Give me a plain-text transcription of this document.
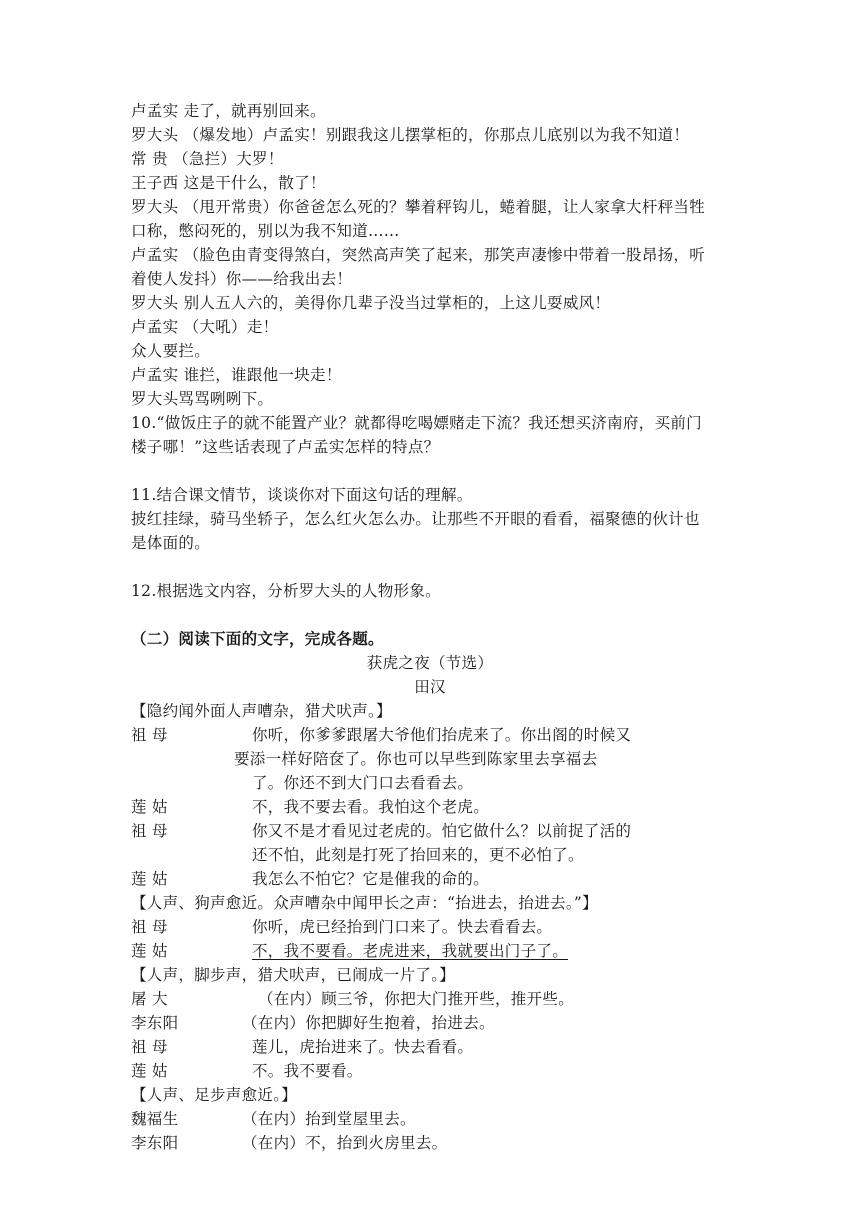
卢孟实 走了，就再别回来。
罗大头 （爆发地）卢孟实！别跟我这儿摆掌柜的，你那点儿底别以为我不知道！
常 贵 （急拦）大罗！
王子西 这是干什么，散了！
罗大头 （甩开常贵）你爸爸怎么死的？攀着秤钩儿，蜷着腿，让人家拿大杆秤当牲
口称，憋闷死的，别以为我不知道……
卢孟实 （脸色由青变得煞白，突然高声笑了起来，那笑声凄惨中带着一股昂扬，听
着使人发抖）你——给我出去！
罗大头 别人五人六的，美得你几辈子没当过掌柜的，上这儿耍威风！
卢孟实 （大吼）走！
众人要拦。
卢孟实 谁拦，谁跟他一块走！
罗大头骂骂咧咧下。
10.“做饭庄子的就不能置产业？就都得吃喝嫖赌走下流？我还想买济南府，买前门
楼子哪！”这些话表现了卢孟实怎样的特点？
11.结合课文情节，谈谈你对下面这句话的理解。
披红挂绿，骑马坐轿子，怎么红火怎么办。让那些不开眼的看看，福聚德的伙计也
是体面的。
12.根据选文内容，分析罗大头的人物形象。
（二）阅读下面的文字，完成各题。
获虎之夜（节选）
田汉
【隐约闻外面人声嘈杂，猎犬吠声。】
祖 母	你听，你爹爹跟屠大爷他们抬虎来了。你出阁的时候又
要添一样好陪奁了。你也可以早些到陈家里去享福去
了。你还不到大门口去看看去。
莲 姑	不，我不要去看。我怕这个老虎。
祖 母	你又不是才看见过老虎的。怕它做什么？以前捉了活的
还不怕，此刻是打死了抬回来的，更不必怕了。
莲 姑	我怎么不怕它？它是催我的命的。
【人声、狗声愈近。众声嘈杂中闻甲长之声：“抬进去，抬进去。”】
祖 母	你听，虎已经抬到门口来了。快去看看去。
莲 姑	不，我不要看。老虎进来，我就要出门子了。
【人声，脚步声，猎犬吠声，已闹成一片了。】
屠 大	（在内）顾三爷，你把大门推开些，推开些。
李东阳	（在内）你把脚好生抱着，抬进去。
祖 母	莲儿，虎抬进来了。快去看看。
莲 姑	不。我不要看。
【人声、足步声愈近。】
魏福生	（在内）抬到堂屋里去。
李东阳	（在内）不，抬到火房里去。
